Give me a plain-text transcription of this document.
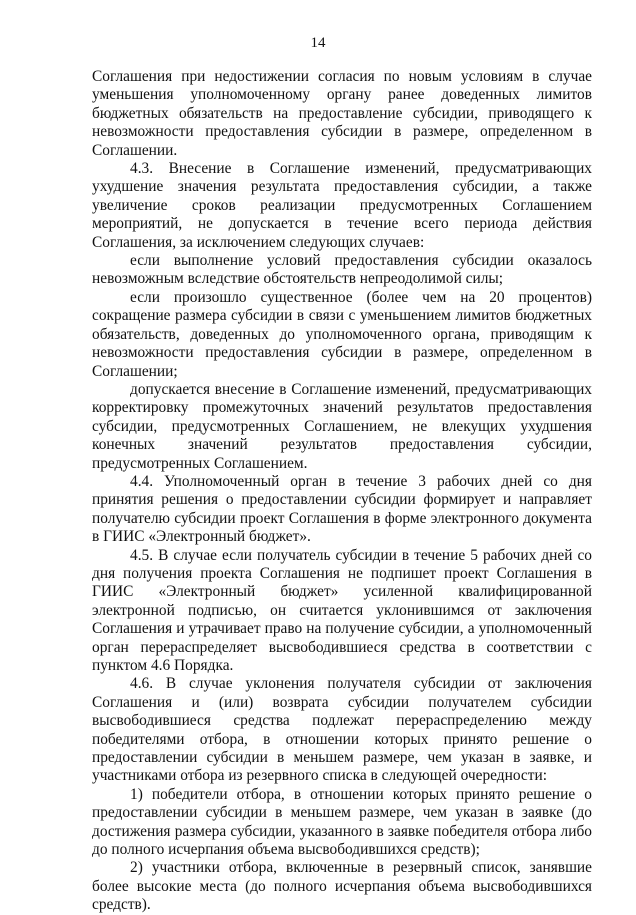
14

Соглашения при недостижении согласия по новым условиям в случае уменьшения уполномоченному органу ранее доведенных лимитов бюджетных обязательств на предоставление субсидии, приводящего к невозможности предоставления субсидии в размере, определенном в Соглашении.

4.3. Внесение в Соглашение изменений, предусматривающих ухудшение значения результата предоставления субсидии, а также увеличение сроков реализации предусмотренных Соглашением мероприятий, не допускается в течение всего периода действия Соглашения, за исключением следующих случаев:

если выполнение условий предоставления субсидии оказалось невозможным вследствие обстоятельств непреодолимой силы;

если произошло существенное (более чем на 20 процентов) сокращение размера субсидии в связи с уменьшением лимитов бюджетных обязательств, доведенных до уполномоченного органа, приводящим к невозможности предоставления субсидии в размере, определенном в Соглашении;

допускается внесение в Соглашение изменений, предусматривающих корректировку промежуточных значений результатов предоставления субсидии, предусмотренных Соглашением, не влекущих ухудшения конечных значений результатов предоставления субсидии, предусмотренных Соглашением.

4.4. Уполномоченный орган в течение 3 рабочих дней со дня принятия решения о предоставлении субсидии формирует и направляет получателю субсидии проект Соглашения в форме электронного документа в ГИИС «Электронный бюджет».

4.5. В случае если получатель субсидии в течение 5 рабочих дней со дня получения проекта Соглашения не подпишет проект Соглашения в ГИИС «Электронный бюджет» усиленной квалифицированной электронной подписью, он считается уклонившимся от заключения Соглашения и утрачивает право на получение субсидии, а уполномоченный орган перераспределяет высвободившиеся средства в соответствии с пунктом 4.6 Порядка.

4.6. В случае уклонения получателя субсидии от заключения Соглашения и (или) возврата субсидии получателем субсидии высвободившиеся средства подлежат перераспределению между победителями отбора, в отношении которых принято решение о предоставлении субсидии в меньшем размере, чем указан в заявке, и участниками отбора из резервного списка в следующей очередности:

1) победители отбора, в отношении которых принято решение о предоставлении субсидии в меньшем размере, чем указан в заявке (до достижения размера субсидии, указанного в заявке победителя отбора либо до полного исчерпания объема высвободившихся средств);

2) участники отбора, включенные в резервный список, занявшие более высокие места (до полного исчерпания объема высвободившихся средств).
